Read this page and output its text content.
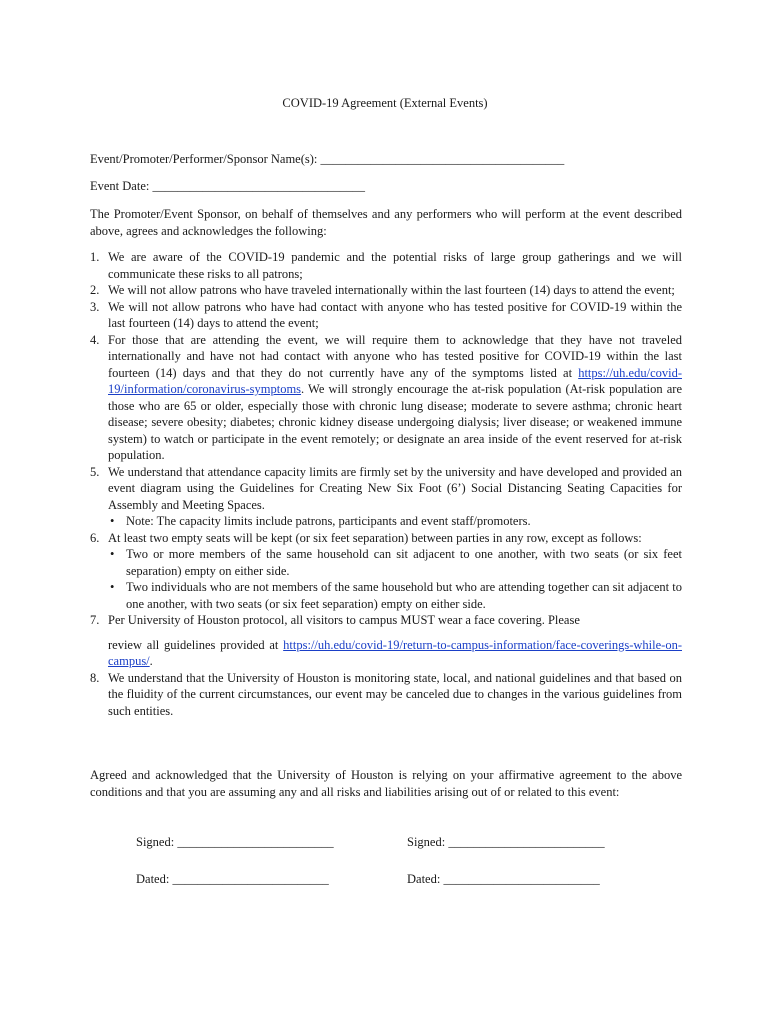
COVID-19 Agreement (External Events)
Event/Promoter/Performer/Sponsor Name(s): _______________________________________
Event Date: __________________________________

The Promoter/Event Sponsor, on behalf of themselves and any performers who will perform at the event described above, agrees and acknowledges the following:

1. We are aware of the COVID-19 pandemic and the potential risks of large group gatherings and we will communicate these risks to all patrons;
2. We will not allow patrons who have traveled internationally within the last fourteen (14) days to attend the event;
3. We will not allow patrons who have had contact with anyone who has tested positive for COVID-19 within the last fourteen (14) days to attend the event;
4. For those that are attending the event, we will require them to acknowledge that they have not traveled internationally and have not had contact with anyone who has tested positive for COVID-19 within the last fourteen (14) days and that they do not currently have any of the symptoms listed at https://uh.edu/covid-19/information/coronavirus-symptoms. We will strongly encourage the at-risk population (At-risk population are those who are 65 or older, especially those with chronic lung disease; moderate to severe asthma; chronic heart disease; severe obesity; diabetes; chronic kidney disease undergoing dialysis; liver disease; or weakened immune system) to watch or participate in the event remotely; or designate an area inside of the event reserved for at-risk population.
5. We understand that attendance capacity limits are firmly set by the university and have developed and provided an event diagram using the Guidelines for Creating New Six Foot (6’) Social Distancing Seating Capacities for Assembly and Meeting Spaces.
• Note: The capacity limits include patrons, participants and event staff/promoters.
6. At least two empty seats will be kept (or six feet separation) between parties in any row, except as follows:
• Two or more members of the same household can sit adjacent to one another, with two seats (or six feet separation) empty on either side.
• Two individuals who are not members of the same household but who are attending together can sit adjacent to one another, with two seats (or six feet separation) empty on either side.
7. Per University of Houston protocol, all visitors to campus MUST wear a face covering. Please
review all guidelines provided at https://uh.edu/covid-19/return-to-campus-information/face-coverings-while-on-campus/.
8. We understand that the University of Houston is monitoring state, local, and national guidelines and that based on the fluidity of the current circumstances, our event may be canceled due to changes in the various guidelines from such entities.

Agreed and acknowledged that the University of Houston is relying on your affirmative agreement to the above conditions and that you are assuming any and all risks and liabilities arising out of or related to this event:

Signed: _________________________	Signed: _________________________
Dated: _________________________	Dated: _________________________
